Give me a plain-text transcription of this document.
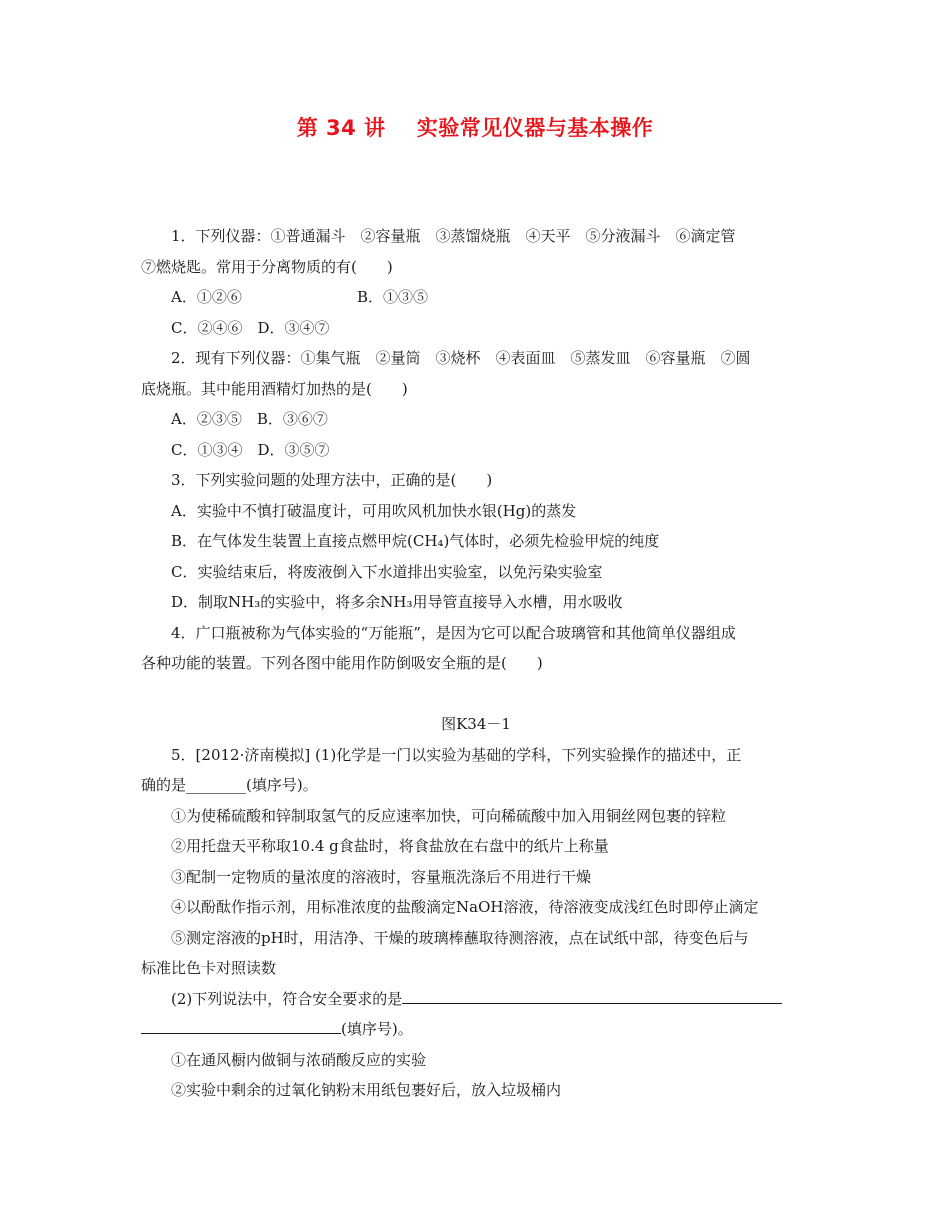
第 34 讲    实验常见仪器与基本操作
1．下列仪器：①普通漏斗　②容量瓶　③蒸馏烧瓶　④天平　⑤分液漏斗　⑥滴定管
⑦燃烧匙。常用于分离物质的有(　　)
A．①②⑥	B．①③⑤
C．②④⑥　D．③④⑦
2．现有下列仪器：①集气瓶　②量筒　③烧杯　④表面皿　⑤蒸发皿　⑥容量瓶　⑦圆
底烧瓶。其中能用酒精灯加热的是(　　)
A．②③⑤　B．③⑥⑦
C．①③④　D．③⑤⑦
3．下列实验问题的处理方法中，正确的是(　　)
A．实验中不慎打破温度计，可用吹风机加快水银(Hg)的蒸发
B．在气体发生装置上直接点燃甲烷(CH₄)气体时，必须先检验甲烷的纯度
C．实验结束后，将废液倒入下水道排出实验室，以免污染实验室
D．制取NH₃的实验中，将多余NH₃用导管直接导入水槽，用水吸收
4．广口瓶被称为气体实验的“万能瓶”，是因为它可以配合玻璃管和其他简单仪器组成
各种功能的装置。下列各图中能用作防倒吸安全瓶的是(　　)
图K34－1
5．[2012·济南模拟] (1)化学是一门以实验为基础的学科，下列实验操作的描述中，正
确的是________(填序号)。
①为使稀硫酸和锌制取氢气的反应速率加快，可向稀硫酸中加入用铜丝网包裹的锌粒
②用托盘天平称取10.4 g食盐时，将食盐放在右盘中的纸片上称量
③配制一定物质的量浓度的溶液时，容量瓶洗涤后不用进行干燥
④以酚酞作指示剂，用标准浓度的盐酸滴定NaOH溶液，待溶液变成浅红色时即停止滴定
⑤测定溶液的pH时，用洁净、干燥的玻璃棒蘸取待测溶液，点在试纸中部，待变色后与
标准比色卡对照读数
(2)下列说法中，符合安全要求的是
(填序号)。
①在通风橱内做铜与浓硝酸反应的实验
②实验中剩余的过氧化钠粉末用纸包裹好后，放入垃圾桶内
